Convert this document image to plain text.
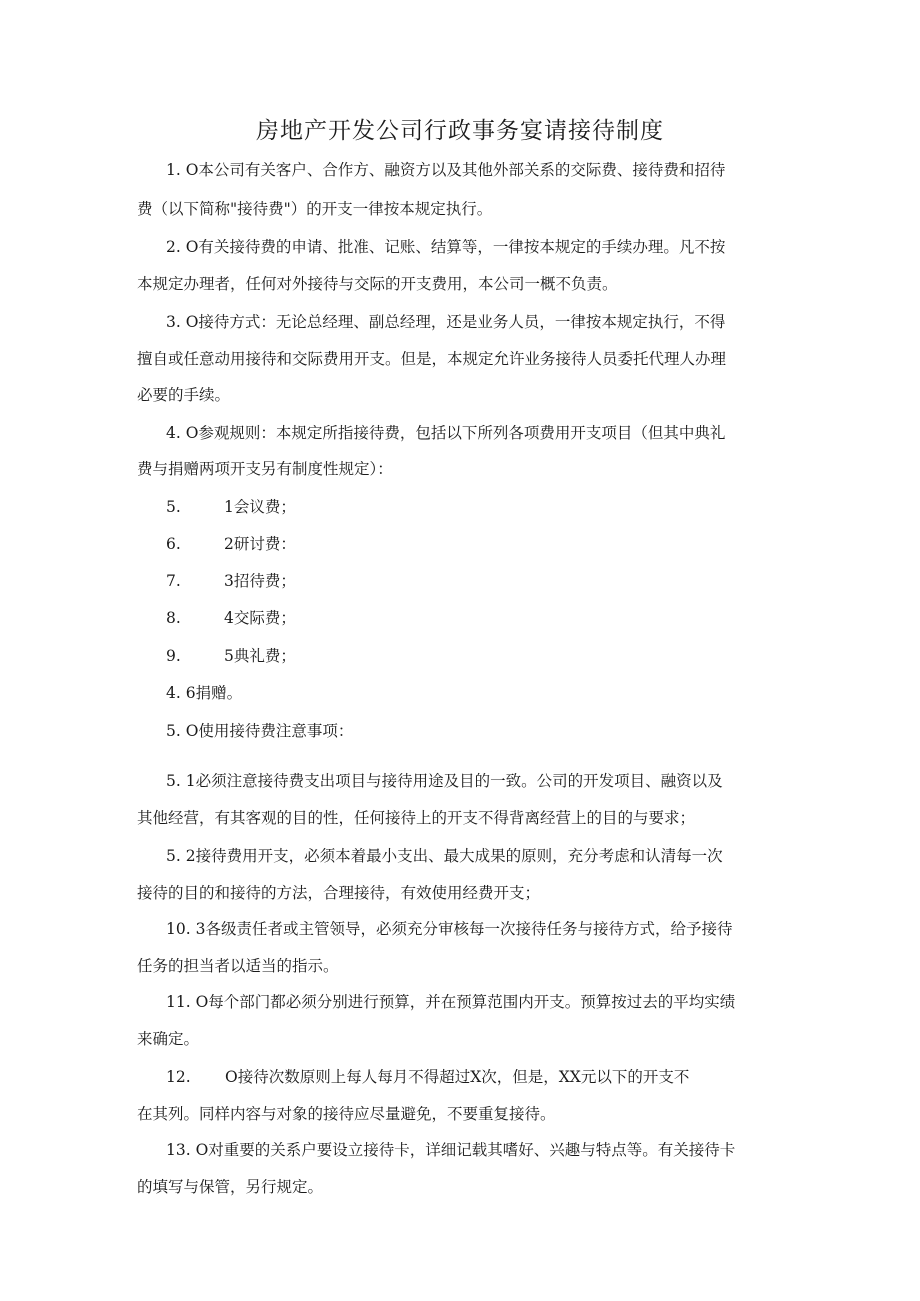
房地产开发公司行政事务宴请接待制度
1. O本公司有关客户、合作方、融资方以及其他外部关系的交际费、接待费和招待
费（以下简称"接待费"）的开支一律按本规定执行。
2. O有关接待费的申请、批准、记账、结算等，一律按本规定的手续办理。凡不按
本规定办理者，任何对外接待与交际的开支费用，本公司一概不负责。
3. O接待方式：无论总经理、副总经理，还是业务人员，一律按本规定执行，不得
擅自或任意动用接待和交际费用开支。但是，本规定允许业务接待人员委托代理人办理
必要的手续。
4. O参观规则：本规定所指接待费，包括以下所列各项费用开支项目（但其中典礼
费与捐赠两项开支另有制度性规定）：
5.	1会议费；
6.	2研讨费：
7.	3招待费；
8.	4交际费；
9.	5典礼费；
4. 6捐赠。
5. O使用接待费注意事项：
5. 1必须注意接待费支出项目与接待用途及目的一致。公司的开发项目、融资以及
其他经营，有其客观的目的性，任何接待上的开支不得背离经营上的目的与要求；
5. 2接待费用开支，必须本着最小支出、最大成果的原则，充分考虑和认清每一次
接待的目的和接待的方法，合理接待，有效使用经费开支；
10. 3各级责任者或主管领导，必须充分审核每一次接待任务与接待方式，给予接待
任务的担当者以适当的指示。
11. O每个部门都必须分别进行预算，并在预算范围内开支。预算按过去的平均实绩
来确定。
12. O接待次数原则上每人每月不得超过X次，但是，XX元以下的开支不
在其列。同样内容与对象的接待应尽量避免，不要重复接待。
13. O对重要的关系户要设立接待卡，详细记载其嗜好、兴趣与特点等。有关接待卡
的填写与保管，另行规定。
